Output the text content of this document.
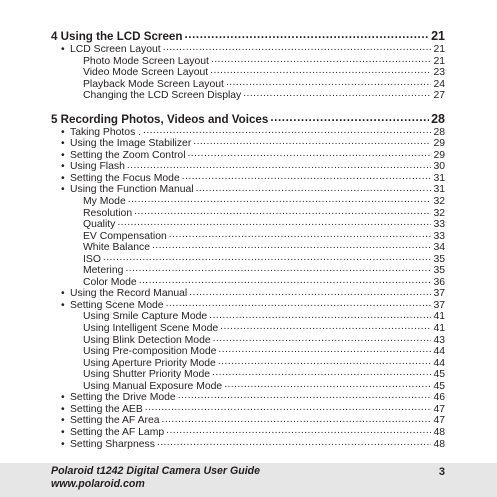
4 Using the LCD Screen .....	21
• LCD Screen Layout .....	21
Photo Mode Screen Layout .....	21
Video Mode Screen Layout .....	23
Playback Mode Screen Layout .....	24
Changing the LCD Screen Display .....	27
5 Recording Photos, Videos and Voices .....	28
• Taking Photos . .....	28
• Using the Image Stabilizer .....	29
• Setting the Zoom Control .....	29
• Using Flash .....	30
• Setting the Focus Mode .....	31
• Using the Function Manual .....	31
My Mode .....	32
Resolution .....	32
Quality .....	33
EV Compensation .....	33
White Balance .....	34
ISO .....	35
Metering .....	35
Color Mode .....	36
• Using the Record Manual .....	37
• Setting Scene Mode .....	37
Using Smile Capture Mode .....	41
Using Intelligent Scene Mode .....	41
Using Blink Detection Mode .....	43
Using Pre-composition Mode .....	44
Using Aperture Priority Mode .....	44
Using Shutter Priority Mode .....	45
Using Manual Exposure Mode .....	45
• Setting the Drive Mode .....	46
• Setting the AEB .....	47
• Setting the AF Area .....	47
• Setting the AF Lamp .....	48
• Setting Sharpness .....	48
Polaroid t1242 Digital Camera User Guide
www.polaroid.com
3
